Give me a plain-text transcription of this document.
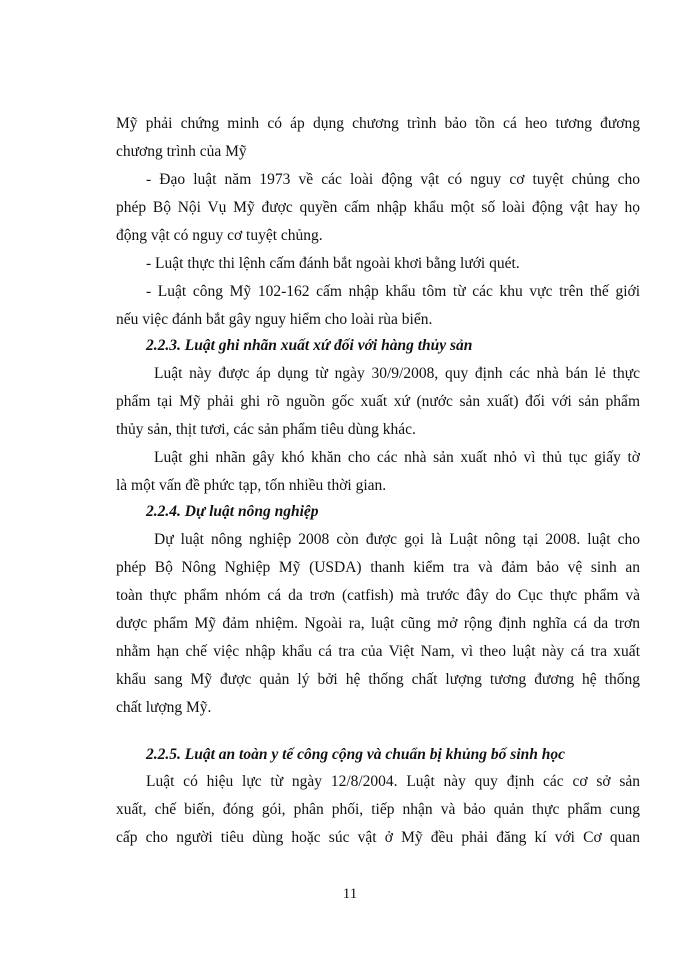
Mỹ phải chứng minh có áp dụng chương trình bảo tồn cá heo tương đương
chương trình của Mỹ
- Đạo luật năm 1973 về các loài động vật có nguy cơ tuyệt chủng cho
phép Bộ Nội Vụ Mỹ được quyền cấm nhập khẩu một số loài động vật hay họ
động vật có nguy cơ tuyệt chủng.
- Luật thực thi lệnh cấm đánh bắt ngoài khơi bằng lưới quét.
- Luật công Mỹ 102-162 cấm nhập khẩu tôm từ các khu vực trên thế giới
nếu việc đánh bắt gây nguy hiểm cho loài rùa biển.
2.2.3. Luật ghi nhãn xuất xứ đối với hàng thủy sản
Luật này được áp dụng từ ngày 30/9/2008, quy định các nhà bán lẻ thực
phẩm tại Mỹ phải ghi rõ nguồn gốc xuất xứ (nước sản xuất) đối với sản phẩm
thủy sản, thịt tươi, các sản phẩm tiêu dùng khác.
Luật ghi nhãn gây khó khăn cho các nhà sản xuất nhỏ vì thủ tục giấy tờ
là một vấn đề phức tạp, tốn nhiều thời gian.
2.2.4. Dự luật nông nghiệp
Dự luật nông nghiệp 2008 còn được gọi là Luật nông tại 2008. luật cho
phép Bộ Nông Nghiệp Mỹ (USDA) thanh kiểm tra và đảm bảo vệ sinh an
toàn thực phẩm nhóm cá da trơn (catfish) mà trước đây do Cục thực phẩm và
dược phẩm Mỹ đảm nhiệm. Ngoài ra, luật cũng mở rộng định nghĩa cá da trơn
nhằm hạn chế việc nhập khẩu cá tra của Việt Nam, vì theo luật này cá tra xuất
khẩu sang Mỹ được quản lý bởi hệ thống chất lượng tương đương hệ thống
chất lượng Mỹ.
2.2.5. Luật an toàn y tế công cộng và chuẩn bị khủng bố sinh học
Luật có hiệu lực từ ngày 12/8/2004. Luật này quy định các cơ sở sản
xuất, chế biến, đóng gói, phân phối, tiếp nhận và bảo quản thực phẩm cung
cấp cho người tiêu dùng hoặc súc vật ở Mỹ đều phải đăng kí với Cơ quan
11
